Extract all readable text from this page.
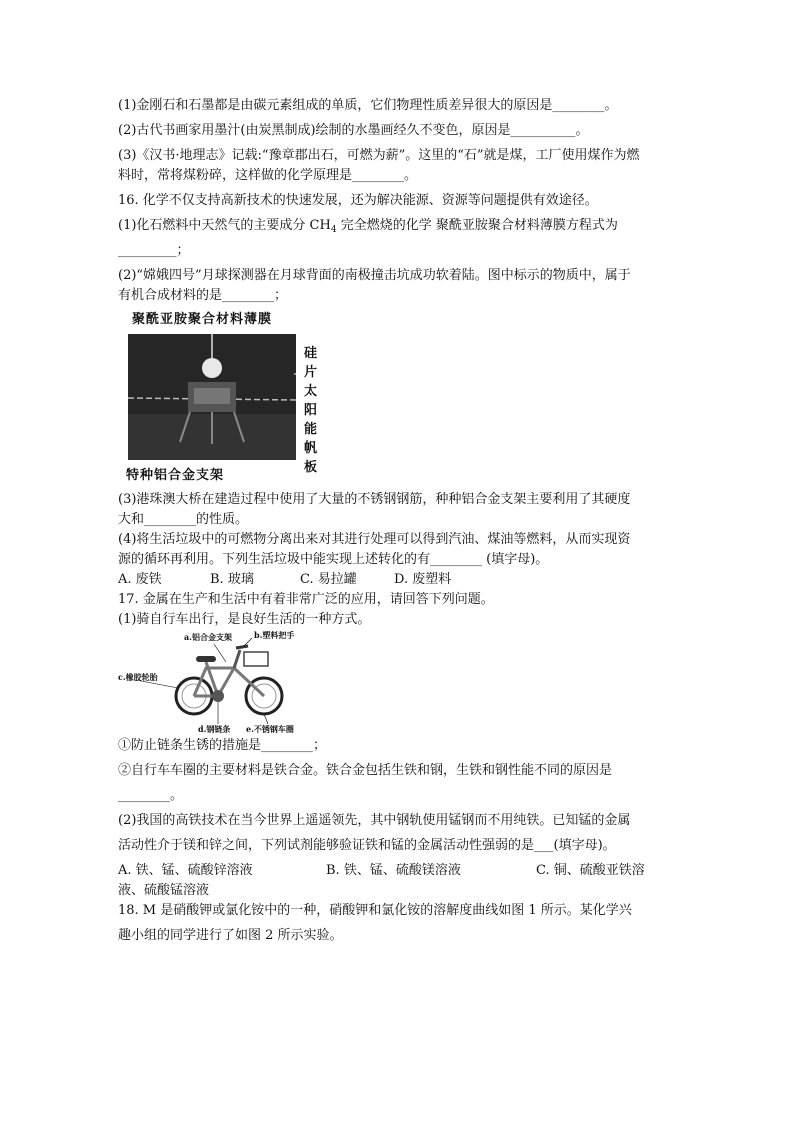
(1)金刚石和石墨都是由碳元素组成的单质，它们物理性质差异很大的原因是________。

(2)古代书画家用墨汁(由炭黑制成)绘制的水墨画经久不变色，原因是__________。

(3)《汉书·地理志》记载:“豫章郡出石，可燃为薪”。这里的“石”就是煤，工厂使用煤作为燃

料时，常将煤粉碎，这样做的化学原理是________。

16. 化学不仅支持高新技术的快速发展，还为解决能源、资源等问题提供有效途径。

(1)化石燃料中天然气的主要成分 $CH_4$ 完全燃烧的化学 聚酰亚胺聚合材料薄膜方程式为

_________；

(2)“嫦娥四号”月球探测器在月球背面的南极撞击坑成功软着陆。图中标示的物质中，属于

有机合成材料的是________；

聚酰亚胺聚合材料薄膜
硅
片
太
阳
能
帆
板
特种铝合金支架

(3)港珠澳大桥在建造过程中使用了大量的不锈钢钢筋，种种铝合金支架主要利用了其硬度

大和________的性质。

(4)将生活垃圾中的可燃物分离出来对其进行处理可以得到汽油、煤油等燃料，从而实现资

源的循环再利用。下列生活垃圾中能实现上述转化的有________ (填字母)。

A. 废铁	B. 玻璃	C. 易拉罐	D. 废塑料

17. 金属在生产和生活中有着非常广泛的应用，请回答下列问题。

(1)骑自行车出行，是良好生活的一种方式。

a.铝合金支架	b.塑料把手
c.橡胶轮胎
d.钢链条 e.不锈钢车圈

①防止链条生锈的措施是________；

②自行车车圈的主要材料是铁合金。铁合金包括生铁和钢，生铁和钢性能不同的原因是

________。

(2)我国的高铁技术在当今世界上遥遥领先，其中钢轨使用锰钢而不用纯铁。已知锰的金属

活动性介于镁和锌之间，下列试剂能够验证铁和锰的金属活动性强弱的是___(填字母)。

A. 铁、锰、硫酸锌溶液	B. 铁、锰、硫酸镁溶液	C. 铜、硫酸亚铁溶

液、硫酸锰溶液

18. M 是硝酸钾或氯化铵中的一种，硝酸钾和氯化铵的溶解度曲线如图 1 所示。某化学兴

趣小组的同学进行了如图 2 所示实验。
